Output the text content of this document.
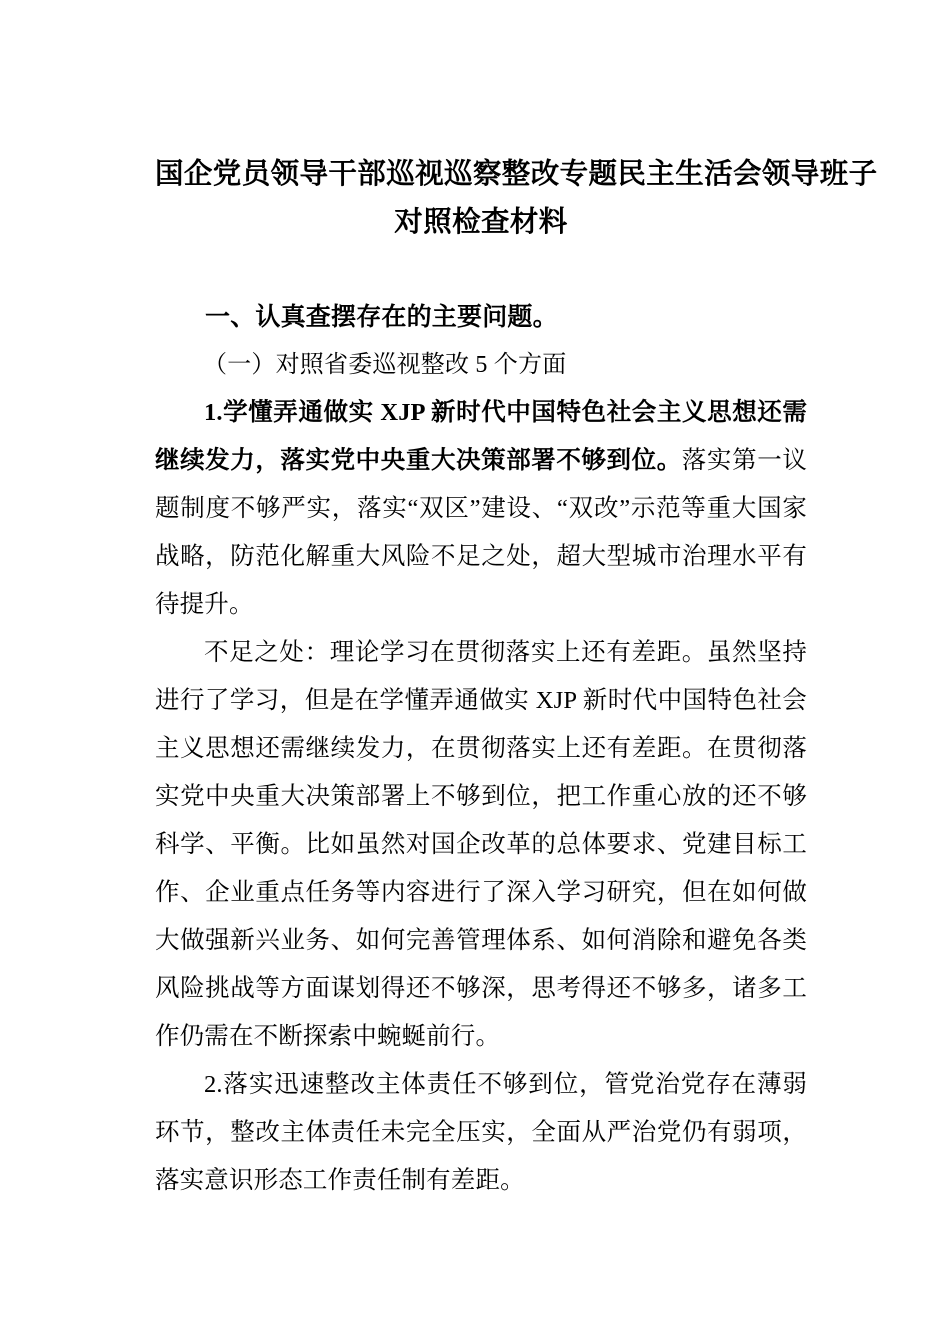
国企党员领导干部巡视巡察整改专题民主生活会领导班子
对照检查材料
一、认真查摆存在的主要问题。
（一）对照省委巡视整改 5 个方面

1.学懂弄通做实 XJP 新时代中国特色社会主义思想还需继续发力，落实党中央重大决策部署不够到位。落实第一议题制度不够严实，落实“双区”建设、“双改”示范等重大国家战略，防范化解重大风险不足之处，超大型城市治理水平有待提升。

不足之处：理论学习在贯彻落实上还有差距。虽然坚持进行了学习，但是在学懂弄通做实 XJP 新时代中国特色社会主义思想还需继续发力，在贯彻落实上还有差距。在贯彻落实党中央重大决策部署上不够到位，把工作重心放的还不够科学、平衡。比如虽然对国企改革的总体要求、党建目标工作、企业重点任务等内容进行了深入学习研究，但在如何做大做强新兴业务、如何完善管理体系、如何消除和避免各类风险挑战等方面谋划得还不够深，思考得还不够多，诸多工作仍需在不断探索中蜿蜒前行。

2.落实迅速整改主体责任不够到位，管党治党存在薄弱环节，整改主体责任未完全压实，全面从严治党仍有弱项，落实意识形态工作责任制有差距。
